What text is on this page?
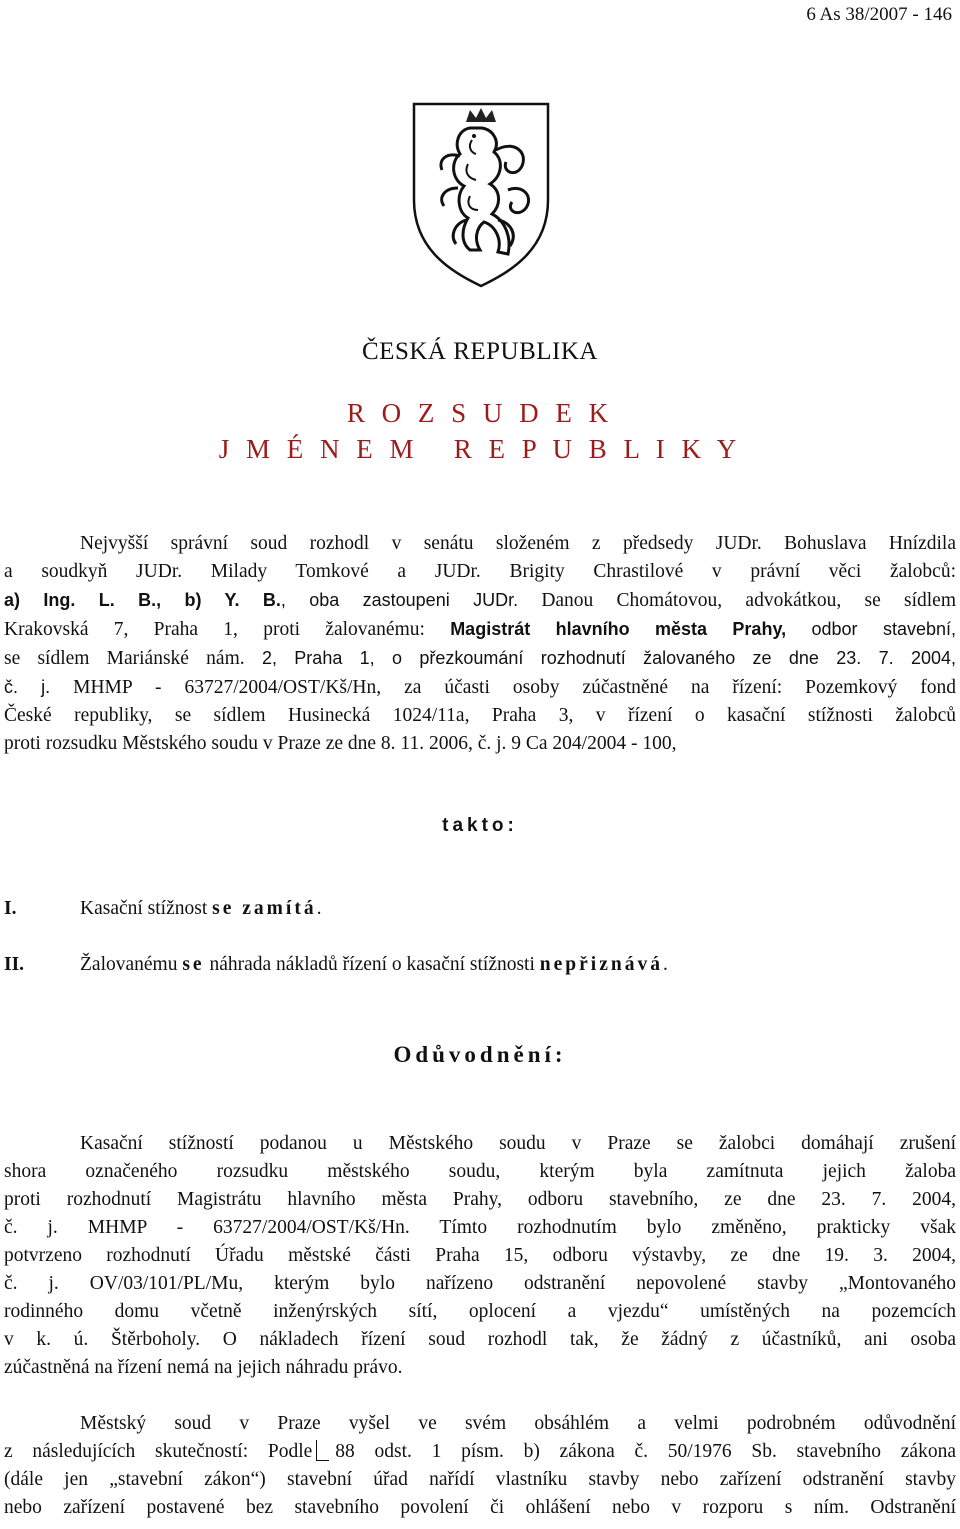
6 As 38/2007 - 146
ČESKÁ REPUBLIKA
R O Z S U D E K
J M É N E M   R E P U B L I K Y
Nejvyšší správní soud rozhodl v senátu složeném z předsedy JUDr. Bohuslava Hnízdila
a soudkyň JUDr. Milady Tomkové a JUDr. Brigity Chrastilové v právní věci žalobců:
a) Ing. L. B., b) Y. B., oba zastoupeni JUDr. Danou Chomátovou, advokátkou, se sídlem
Krakovská 7, Praha 1, proti žalovanému: Magistrát hlavního města Prahy, odbor stavební,
se sídlem Mariánské nám. 2, Praha 1, o přezkoumání rozhodnutí žalovaného ze dne 23. 7. 2004,
č. j. MHMP - 63727/2004/OST/Kš/Hn, za účasti osoby zúčastněné na řízení: Pozemkový fond
České republiky, se sídlem Husinecká 1024/11a, Praha 3, v řízení o kasační stížnosti žalobců
proti rozsudku Městského soudu v Praze ze dne 8. 11. 2006, č. j. 9 Ca 204/2004 - 100,
takto:
I.	Kasační stížnost se zamítá.
II.	Žalovanému se náhrada nákladů řízení o kasační stížnosti nepřiznává.
Odůvodnění:
Kasační stížností podanou u Městského soudu v Praze se žalobci domáhají zrušení
shora označeného rozsudku městského soudu, kterým byla zamítnuta jejich žaloba
proti rozhodnutí Magistrátu hlavního města Prahy, odboru stavebního, ze dne 23. 7. 2004,
č. j. MHMP - 63727/2004/OST/Kš/Hn. Tímto rozhodnutím bylo změněno, prakticky však
potvrzeno rozhodnutí Úřadu městské části Praha 15, odboru výstavby, ze dne 19. 3. 2004,
č. j. OV/03/101/PL/Mu, kterým bylo nařízeno odstranění nepovolené stavby „Montovaného
rodinného domu včetně inženýrských sítí, oplocení a vjezdu“ umístěných na pozemcích
v k. ú. Štěrboholy. O nákladech řízení soud rozhodl tak, že žádný z účastníků, ani osoba
zúčastněná na řízení nemá na jejich náhradu právo.
Městský soud v Praze vyšel ve svém obsáhlém a velmi podrobném odůvodnění
z následujících skutečností: Podle 88 odst. 1 písm. b) zákona č. 50/1976 Sb. stavebního zákona
(dále jen „stavební zákon“) stavební úřad nařídí vlastníku stavby nebo zařízení odstranění stavby
nebo zařízení postavené bez stavebního povolení či ohlášení nebo v rozporu s ním. Odstranění
